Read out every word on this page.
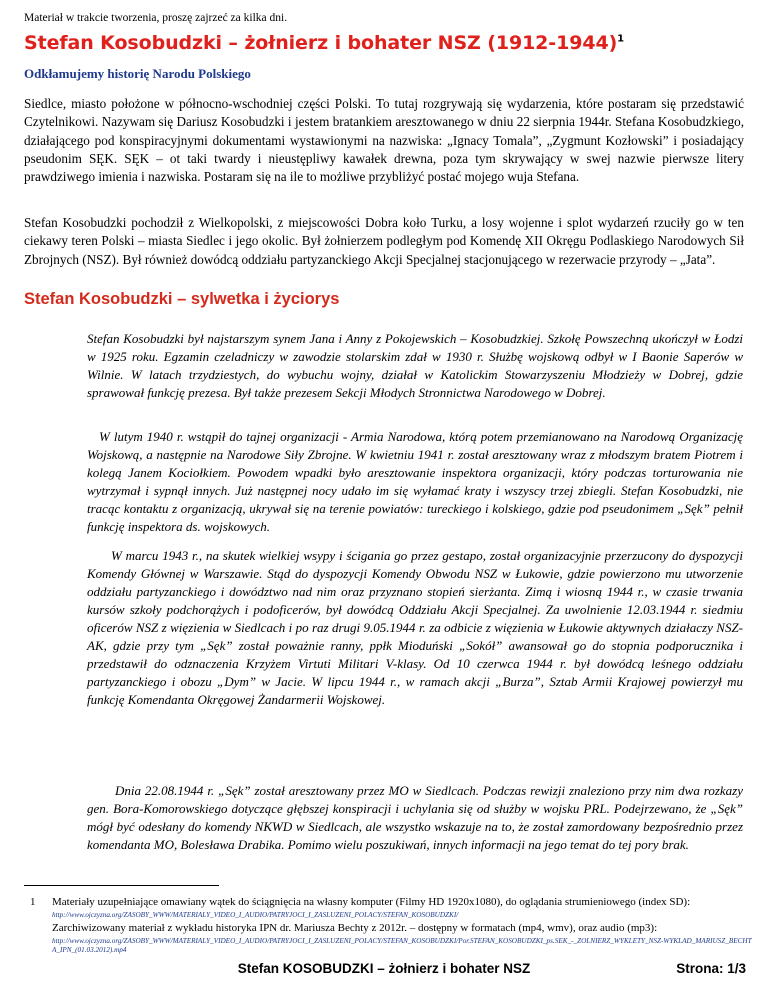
Materiał w trakcie tworzenia, proszę zajrzeć za kilka dni.
Stefan Kosobudzki – żołnierz i bohater NSZ (1912-1944)$^1$
Odkłamujemy historię Narodu Polskiego

Siedlce, miasto położone w północno-wschodniej części Polski. To tutaj rozgrywają się wydarzenia, które postaram się przedstawić Czytelnikowi. Nazywam się Dariusz Kosobudzki i jestem bratankiem aresztowanego w dniu 22 sierpnia 1944r. Stefana Kosobudzkiego, działającego pod konspiracyjnymi dokumentami wystawionymi na nazwiska: „Ignacy Tomala”, „Zygmunt Kozłowski” i posiadający pseudonim SĘK. SĘK – ot taki twardy i nieustępliwy kawałek drewna, poza tym skrywający w swej nazwie pierwsze litery prawdziwego imienia i nazwiska. Postaram się na ile to możliwe przybliżyć postać mojego wuja Stefana.

Stefan Kosobudzki pochodził z Wielkopolski, z miejscowości Dobra koło Turku, a losy wojenne i splot wydarzeń rzuciły go w ten ciekawy teren Polski – miasta Siedlec i jego okolic. Był żołnierzem podległym pod Komendę XII Okręgu Podlaskiego Narodowych Sił Zbrojnych (NSZ). Był również dowódcą oddziału partyzanckiego Akcji Specjalnej stacjonującego w rezerwacie przyrody – „Jata”.

Stefan Kosobudzki – sylwetka i życiorys

Stefan Kosobudzki był najstarszym synem Jana i Anny z Pokojewskich – Kosobudzkiej. Szkołę Powszechną ukończył w Łodzi w 1925 roku. Egzamin czeladniczy w zawodzie stolarskim zdał w 1930 r. Służbę wojskową odbył w I Baonie Saperów w Wilnie. W latach trzydziestych, do wybuchu wojny, działał w Katolickim Stowarzyszeniu Młodzieży w Dobrej, gdzie sprawował funkcję prezesa. Był także prezesem Sekcji Młodych Stronnictwa Narodowego w Dobrej.

W lutym 1940 r. wstąpił do tajnej organizacji - Armia Narodowa, którą potem przemianowano na Narodową Organizację Wojskową, a następnie na Narodowe Siły Zbrojne. W kwietniu 1941 r. został aresztowany wraz z młodszym bratem Piotrem i kolegą Janem Kociołkiem. Powodem wpadki było aresztowanie inspektora organizacji, który podczas torturowania nie wytrzymał i sypnął innych. Już następnej nocy udało im się wyłamać kraty i wszyscy trzej zbiegli. Stefan Kosobudzki, nie tracąc kontaktu z organizacją, ukrywał się na terenie powiatów: tureckiego i kolskiego, gdzie pod pseudonimem „Sęk” pełnił funkcję inspektora ds. wojskowych.

W marcu 1943 r., na skutek wielkiej wsypy i ścigania go przez gestapo, został organizacyjnie przerzucony do dyspozycji Komendy Głównej w Warszawie. Stąd do dyspozycji Komendy Obwodu NSZ w Łukowie, gdzie powierzono mu utworzenie oddziału partyzanckiego i dowództwo nad nim oraz przyznano stopień sierżanta. Zimą i wiosną 1944 r., w czasie trwania kursów szkoły podchorążych i podoficerów, był dowódcą Oddziału Akcji Specjalnej. Za uwolnienie 12.03.1944 r. siedmiu oficerów NSZ z więzienia w Siedlcach i po raz drugi 9.05.1944 r. za odbicie z więzienia w Łukowie aktywnych działaczy NSZ-AK, gdzie przy tym „Sęk” został poważnie ranny, ppłk Mioduński „Sokół” awansował go do stopnia podporucznika i przedstawił do odznaczenia Krzyżem Virtuti Militari V-klasy. Od 10 czerwca 1944 r. był dowódcą leśnego oddziału partyzanckiego i obozu „Dym” w Jacie. W lipcu 1944 r., w ramach akcji „Burza”, Sztab Armii Krajowej powierzył mu funkcję Komendanta Okręgowej Żandarmerii Wojskowej.

Dnia 22.08.1944 r. „Sęk” został aresztowany przez MO w Siedlcach. Podczas rewizji znaleziono przy nim dwa rozkazy gen. Bora-Komorowskiego dotyczące głębszej konspiracji i uchylania się od służby w wojsku PRL. Podejrzewano, że „Sęk” mógł być odesłany do komendy NKWD w Siedlcach, ale wszystko wskazuje na to, że został zamordowany bezpośrednio przez komendanta MO, Bolesława Drabika. Pomimo wielu poszukiwań, innych informacji na jego temat do tej pory brak.

1 Materiały uzupełniające omawiany wątek do ściągnięcia na własny komputer (Filmy HD 1920x1080), do oglądania strumieniowego (index SD):
http://www.ojczyzna.org/ZASOBY_WWW/MATERIALY_VIDEO_I_AUDIO/PATRYJOCI_I_ZASLUZENI_POLACY/STEFAN_KOSOBUDZKI/
Zarchiwizowany materiał z wykładu historyka IPN dr. Mariusza Bechty z 2012r. – dostępny w formatach (mp4, wmv), oraz audio (mp3):
http://www.ojczyzna.org/ZASOBY_WWW/MATERIALY_VIDEO_I_AUDIO/PATRYJOCI_I_ZASLUZENI_POLACY/STEFAN_KOSOBUDZKI/Por.STEFAN_KOSOBUDZKI_ps.SEK_-_ZOLNIERZ_WYKLETY_NSZ-WYKLAD_MARIUSZ_BECHTA_IPN_(01.03.2012).mp4
Stefan KOSOBUDZKI – żołnierz i bohater NSZ	Strona: 1/3
